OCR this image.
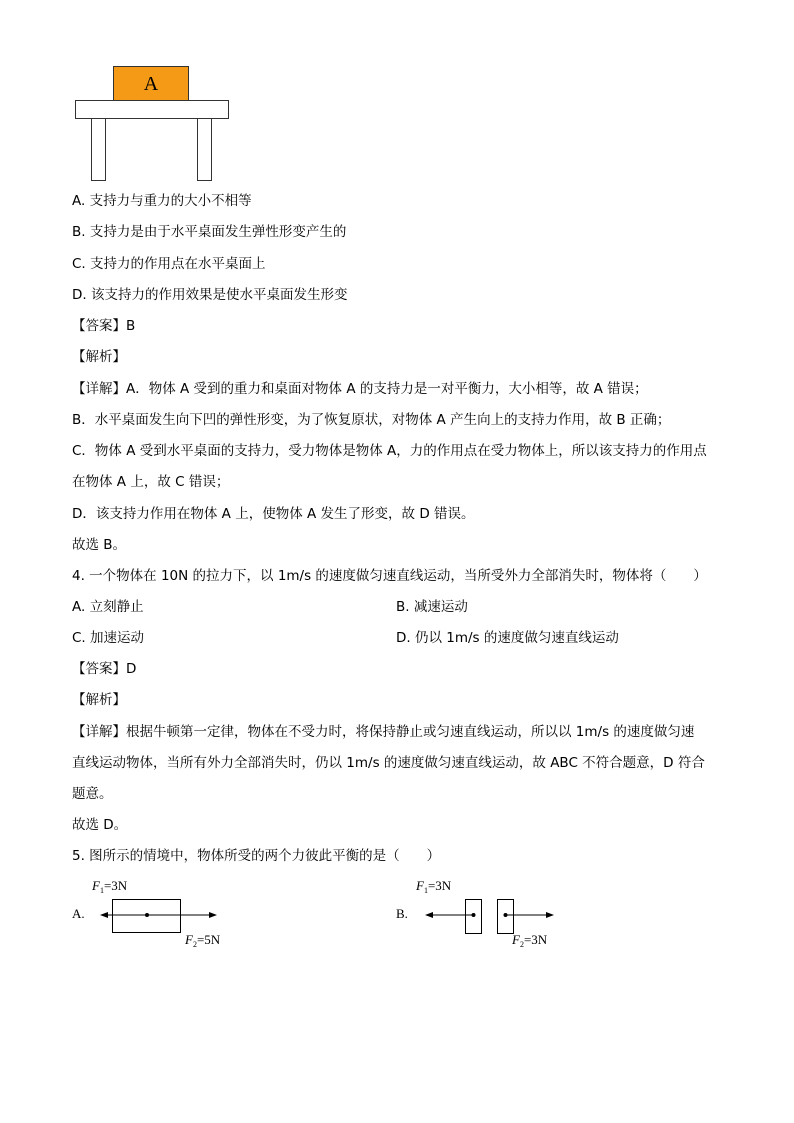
A
A. 支持力与重力的大小不相等
B. 支持力是由于水平桌面发生弹性形变产生的
C. 支持力的作用点在水平桌面上
D. 该支持力的作用效果是使水平桌面发生形变
【答案】B
【解析】
【详解】A．物体 A 受到的重力和桌面对物体 A 的支持力是一对平衡力，大小相等，故 A 错误；
B．水平桌面发生向下凹的弹性形变，为了恢复原状，对物体 A 产生向上的支持力作用，故 B 正确；
C．物体 A 受到水平桌面的支持力，受力物体是物体 A，力的作用点在受力物体上，所以该支持力的作用点
在物体 A 上，故 C 错误；
D．该支持力作用在物体 A 上，使物体 A 发生了形变，故 D 错误。
故选 B。
4. 一个物体在 10N 的拉力下，以 1m/s 的速度做匀速直线运动，当所受外力全部消失时，物体将（　　）
A. 立刻静止	B. 减速运动
C. 加速运动	D. 仍以 1m/s 的速度做匀速直线运动
【答案】D
【解析】
【详解】根据牛顿第一定律，物体在不受力时，将保持静止或匀速直线运动，所以以 1m/s 的速度做匀速
直线运动物体，当所有外力全部消失时，仍以 1m/s 的速度做匀速直线运动，故 ABC 不符合题意，D 符合
题意。
故选 D。
5. 图所示的情境中，物体所受的两个力彼此平衡的是（　　）
A.
$F_1=3N$
$F_2=5N$
B.
$F_1=3N$
$F_2=3N$
